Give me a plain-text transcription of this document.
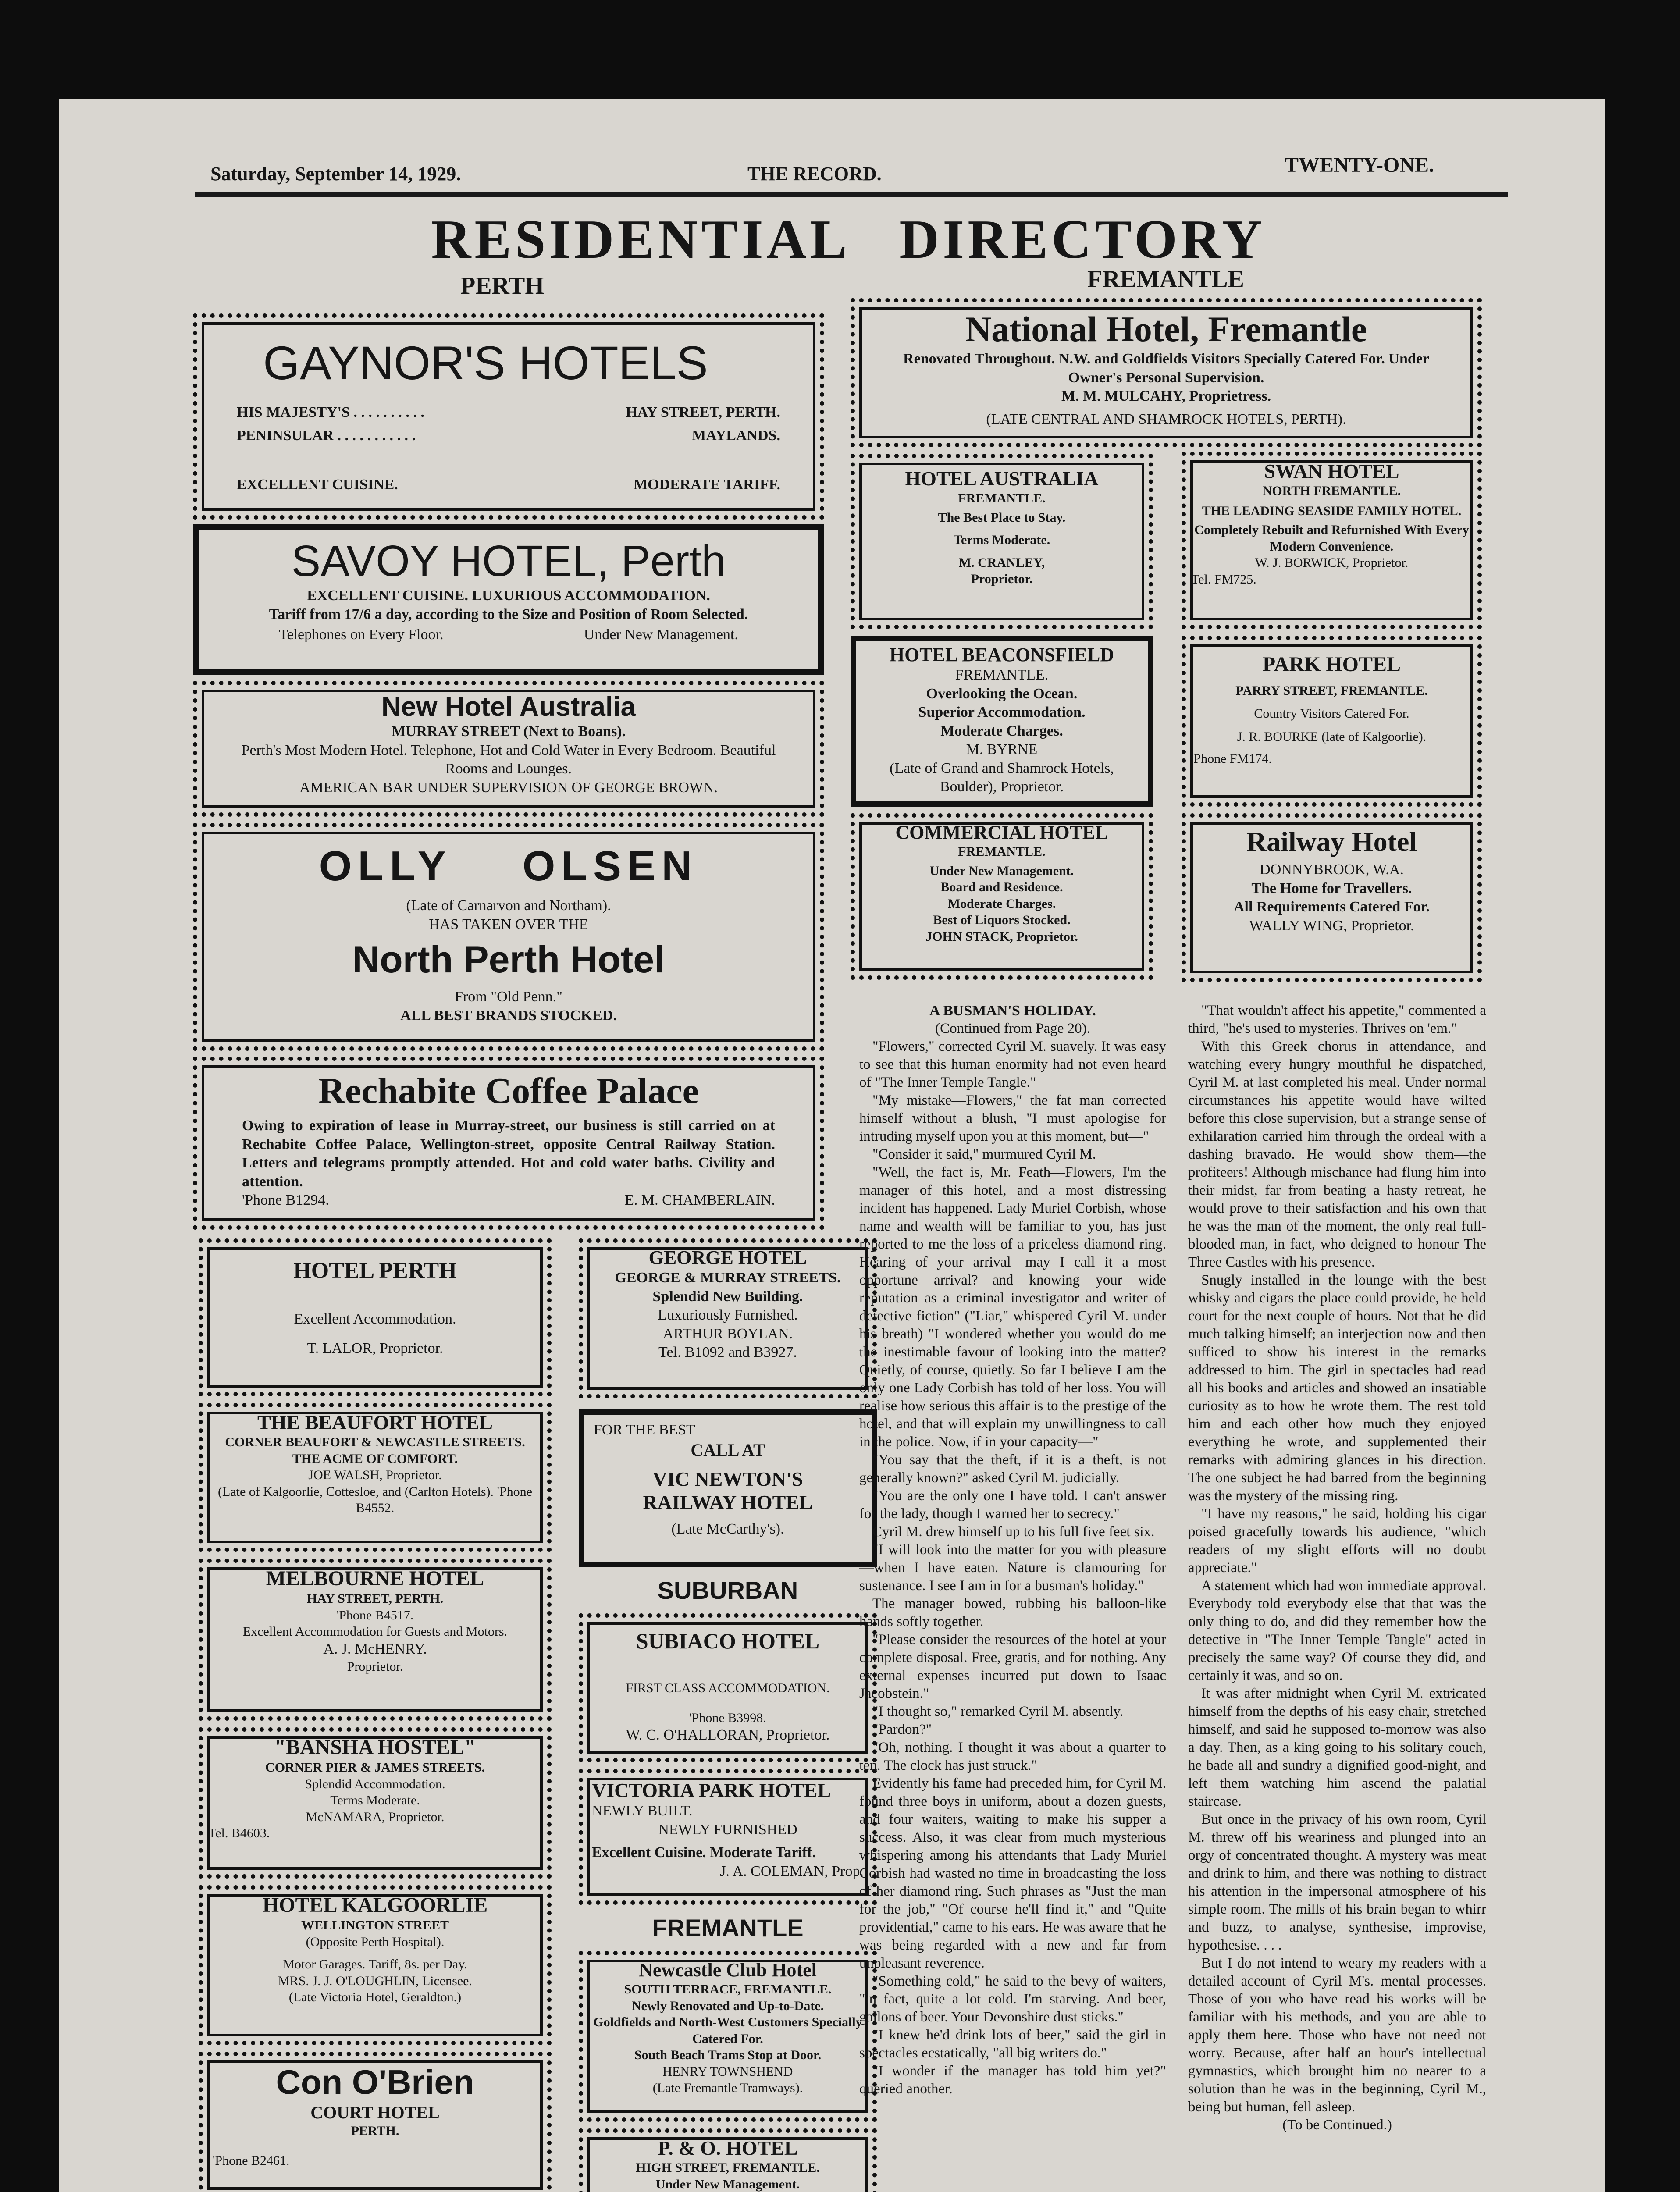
Saturday, September 14, 1929.	THE RECORD.	TWENTY-ONE.
RESIDENTIAL   DIRECTORY
PERTH	FREMANTLE
GAYNOR'S HOTELS
HIS MAJESTY'S . . . . . . . . . .	HAY STREET, PERTH.
PENINSULAR . . . . . . . . . . .	MAYLANDS.
EXCELLENT CUISINE.	MODERATE TARIFF.
SAVOY HOTEL, Perth
EXCELLENT CUISINE. LUXURIOUS ACCOMMODATION.
Tariff from 17/6 a day, according to the Size and Position of Room Selected.
Telephones on Every Floor.	Under New Management.
New Hotel Australia
MURRAY STREET (Next to Boans).
Perth's Most Modern Hotel. Telephone, Hot and Cold Water in Every Bedroom. Beautiful Rooms and Lounges.
AMERICAN BAR UNDER SUPERVISION OF GEORGE BROWN.
OLLY    OLSEN
(Late of Carnarvon and Northam).
HAS TAKEN OVER THE
North Perth Hotel
From "Old Penn."
ALL BEST BRANDS STOCKED.
Rechabite Coffee Palace
Owing to expiration of lease in Murray-street, our business is still carried on at Rechabite Coffee Palace, Wellington-street, opposite Central Railway Station. Letters and telegrams promptly attended. Hot and cold water baths. Civility and attention.
'Phone B1294.	E. M. CHAMBERLAIN.
HOTEL PERTH
Excellent Accommodation.
T. LALOR, Proprietor.
THE BEAUFORT HOTEL
CORNER BEAUFORT & NEWCASTLE STREETS.
THE ACME OF COMFORT.
JOE WALSH, Proprietor.
(Late of Kalgoorlie, Cottesloe, and (Carlton Hotels). 'Phone B4552.
MELBOURNE HOTEL
HAY STREET, PERTH.
'Phone B4517.
Excellent Accommodation for Guests and Motors.
A. J. McHENRY.
Proprietor.
"BANSHA HOSTEL"
CORNER PIER & JAMES STREETS.
Splendid Accommodation.
Terms Moderate.
McNAMARA, Proprietor.
Tel. B4603.
HOTEL KALGOORLIE
WELLINGTON STREET
(Opposite Perth Hospital).
Motor Garages. Tariff, 8s. per Day.
MRS. J. J. O'LOUGHLIN, Licensee.
(Late Victoria Hotel, Geraldton.)
Con O'Brien
COURT HOTEL
PERTH.
'Phone B2461.
GEORGE HOTEL
GEORGE & MURRAY STREETS.
Splendid New Building.
Luxuriously Furnished.
ARTHUR BOYLAN.
Tel. B1092 and B3927.
FOR THE BEST
CALL AT
VIC NEWTON'S
RAILWAY HOTEL
(Late McCarthy's).
SUBURBAN
SUBIACO HOTEL
FIRST CLASS ACCOMMODATION.
'Phone B3998.
W. C. O'HALLORAN, Proprietor.
VICTORIA PARK HOTEL
NEWLY BUILT.
NEWLY FURNISHED
Excellent Cuisine. Moderate Tariff.
J. A. COLEMAN, Prop.
FREMANTLE
Newcastle Club Hotel
SOUTH TERRACE, FREMANTLE.
Newly Renovated and Up-to-Date.
Goldfields and North-West Customers Specially Catered For.
South Beach Trams Stop at Door.
HENRY TOWNSHEND
(Late Fremantle Tramways).
P. & O. HOTEL
HIGH STREET, FREMANTLE.
Under New Management.
National Hotel, Fremantle
Renovated Throughout. N.W. and Goldfields Visitors Specially Catered For. Under Owner's Personal Supervision.
M. M. MULCAHY, Proprietress.
(LATE CENTRAL AND SHAMROCK HOTELS, PERTH).
HOTEL AUSTRALIA
FREMANTLE.
The Best Place to Stay.
Terms Moderate.
M. CRANLEY,
Proprietor.
SWAN HOTEL
NORTH FREMANTLE.
THE LEADING SEASIDE FAMILY HOTEL.
Completely Rebuilt and Refurnished With Every Modern Convenience.
W. J. BORWICK, Proprietor.
Tel. FM725.
HOTEL BEACONSFIELD
FREMANTLE.
Overlooking the Ocean.
Superior Accommodation.
Moderate Charges.
M. BYRNE
(Late of Grand and Shamrock Hotels, Boulder), Proprietor.
PARK HOTEL
PARRY STREET, FREMANTLE.
Country Visitors Catered For.
J. R. BOURKE (late of Kalgoorlie).
'Phone FM174.
COMMERCIAL HOTEL
FREMANTLE.
Under New Management.
Board and Residence.
Moderate Charges.
Best of Liquors Stocked.
JOHN STACK, Proprietor.
Railway Hotel
DONNYBROOK, W.A.
The Home for Travellers.
All Requirements Catered For.
WALLY WING, Proprietor.
A BUSMAN'S HOLIDAY.

(Continued from Page 20).

"Flowers," corrected Cyril M. suavely. It was easy to see that this human enormity had not even heard of "The Inner Temple Tangle."

"My mistake—Flowers," the fat man corrected himself without a blush, "I must apologise for intruding myself upon you at this moment, but—"

"Consider it said," murmured Cyril M.

"Well, the fact is, Mr. Feath—Flowers, I'm the manager of this hotel, and a most distressing incident has happened. Lady Muriel Corbish, whose name and wealth will be familiar to you, has just reported to me the loss of a priceless diamond ring. Hearing of your arrival—may I call it a most opportune arrival?—and knowing your wide reputation as a criminal investigator and writer of detective fiction" ("Liar," whispered Cyril M. under his breath) "I wondered whether you would do me the inestimable favour of looking into the matter? Quietly, of course, quietly. So far I believe I am the only one Lady Corbish has told of her loss. You will realise how serious this affair is to the prestige of the hotel, and that will explain my unwillingness to call in the police. Now, if in your capacity—"

"You say that the theft, if it is a theft, is not generally known?" asked Cyril M. judicially.

"You are the only one I have told. I can't answer for the lady, though I warned her to secrecy."

Cyril M. drew himself up to his full five feet six.

"I will look into the matter for you with pleasure—when I have eaten. Nature is clamouring for sustenance. I see I am in for a busman's holiday."

The manager bowed, rubbing his balloon-like hands softly together.

"Please consider the resources of the hotel at your complete disposal. Free, gratis, and for nothing. Any external expenses incurred put down to Isaac Jacobstein."

"I thought so," remarked Cyril M. absently.

"Pardon?"

"Oh, nothing. I thought it was about a quarter to ten. The clock has just struck."

Evidently his fame had preceded him, for Cyril M. found three boys in uniform, about a dozen guests, and four waiters, waiting to make his supper a success. Also, it was clear from much mysterious whispering among his attendants that Lady Muriel Corbish had wasted no time in broadcasting the loss of her diamond ring. Such phrases as "Just the man for the job," "Of course he'll find it," and "Quite providential," came to his ears. He was aware that he was being regarded with a new and far from unpleasant reverence.

"Something cold," he said to the bevy of waiters, "in fact, quite a lot cold. I'm starving. And beer, gallons of beer. Your Devonshire dust sticks."

"I knew he'd drink lots of beer," said the girl in spectacles ecstatically, "all big writers do."

"I wonder if the manager has told him yet?" queried another.

"That wouldn't affect his appetite," commented a third, "he's used to mysteries. Thrives on 'em."

With this Greek chorus in attendance, and watching every hungry mouthful he dispatched, Cyril M. at last completed his meal. Under normal circumstances his appetite would have wilted before this close supervision, but a strange sense of exhilaration carried him through the ordeal with a dashing bravado. He would show them—the profiteers! Although mischance had flung him into their midst, far from beating a hasty retreat, he would prove to their satisfaction and his own that he was the man of the moment, the only real full-blooded man, in fact, who deigned to honour The Three Castles with his presence.

Snugly installed in the lounge with the best whisky and cigars the place could provide, he held court for the next couple of hours. Not that he did much talking himself; an interjection now and then sufficed to show his interest in the remarks addressed to him. The girl in spectacles had read all his books and articles and showed an insatiable curiosity as to how he wrote them. The rest told him and each other how much they enjoyed everything he wrote, and supplemented their remarks with admiring glances in his direction. The one subject he had barred from the beginning was the mystery of the missing ring.

"I have my reasons," he said, holding his cigar poised gracefully towards his audience, "which readers of my slight efforts will no doubt appreciate."

A statement which had won immediate approval. Everybody told everybody else that that was the only thing to do, and did they remember how the detective in "The Inner Temple Tangle" acted in precisely the same way? Of course they did, and certainly it was, and so on.

It was after midnight when Cyril M. extricated himself from the depths of his easy chair, stretched himself, and said he supposed to-morrow was also a day. Then, as a king going to his solitary couch, he bade all and sundry a dignified good-night, and left them watching him ascend the palatial staircase.

But once in the privacy of his own room, Cyril M. threw off his weariness and plunged into an orgy of concentrated thought. A mystery was meat and drink to him, and there was nothing to distract his attention in the impersonal atmosphere of his simple room. The mills of his brain began to whirr and buzz, to analyse, synthesise, improvise, hypothesise. . . .

But I do not intend to weary my readers with a detailed account of Cyril M's. mental processes. Those of you who have read his works will be familiar with his methods, and you are able to apply them here. Those who have not need not worry. Because, after half an hour's intellectual gymnastics, which brought him no nearer to a solution than he was in the beginning, Cyril M., being but human, fell asleep.

(To be Continued.)
